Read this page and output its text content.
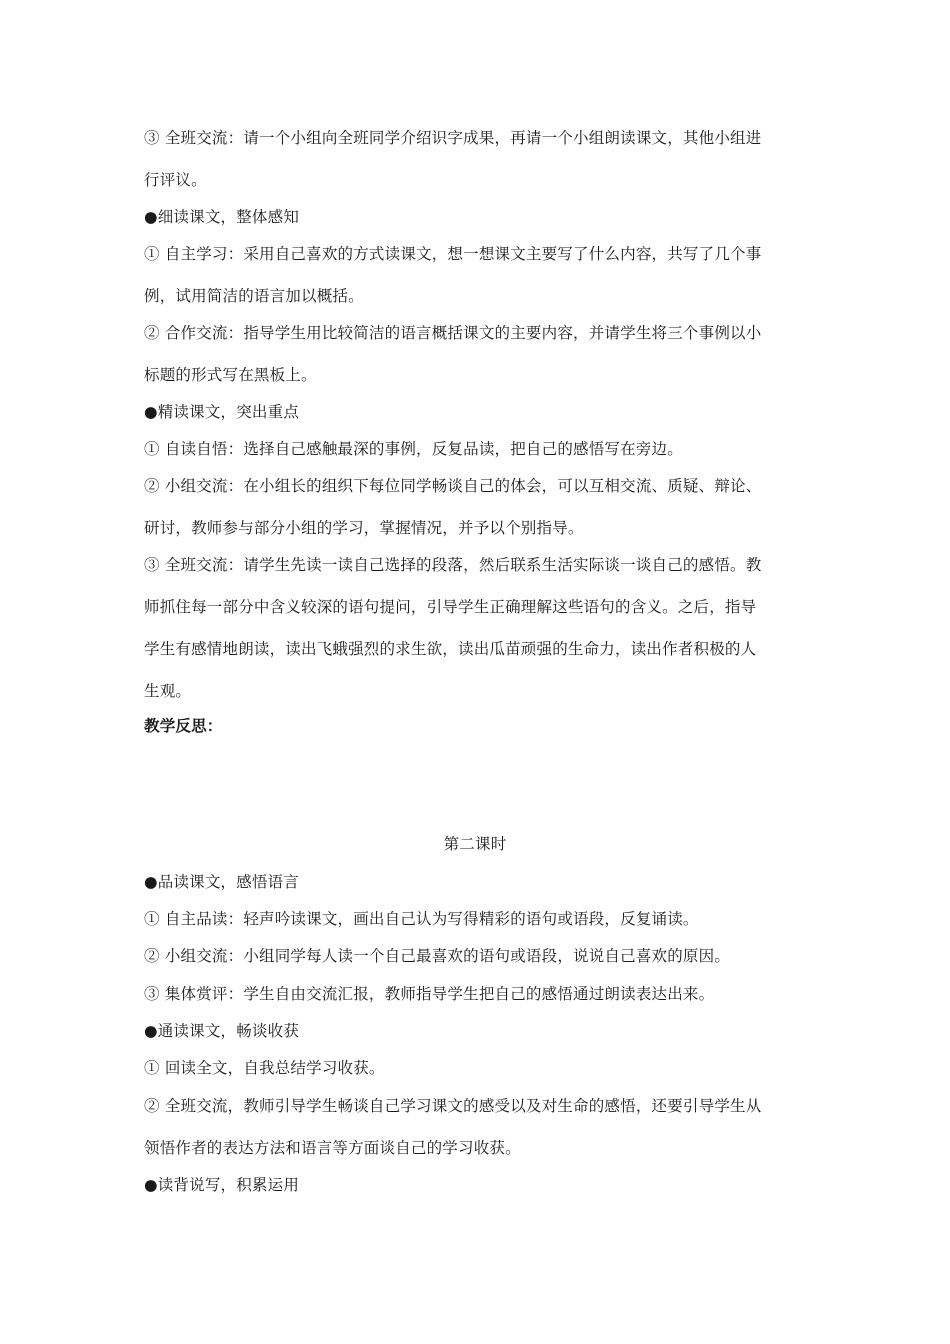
③ 全班交流：请一个小组向全班同学介绍识字成果，再请一个小组朗读课文，其他小组进
行评议。
●细读课文，整体感知
① 自主学习：采用自己喜欢的方式读课文，想一想课文主要写了什么内容，共写了几个事
例，试用简洁的语言加以概括。
② 合作交流：指导学生用比较简洁的语言概括课文的主要内容，并请学生将三个事例以小
标题的形式写在黑板上。
●精读课文，突出重点
① 自读自悟：选择自己感触最深的事例，反复品读，把自己的感悟写在旁边。
② 小组交流：在小组长的组织下每位同学畅谈自己的体会，可以互相交流、质疑、辩论、
研讨，教师参与部分小组的学习，掌握情况，并予以个别指导。
③ 全班交流：请学生先读一读自己选择的段落，然后联系生活实际谈一谈自己的感悟。教
师抓住每一部分中含义较深的语句提问，引导学生正确理解这些语句的含义。之后，指导
学生有感情地朗读，读出飞蛾强烈的求生欲，读出瓜苗顽强的生命力，读出作者积极的人
生观。
教学反思：
第二课时
●品读课文，感悟语言
① 自主品读：轻声吟读课文，画出自己认为写得精彩的语句或语段，反复诵读。
② 小组交流：小组同学每人读一个自己最喜欢的语句或语段，说说自己喜欢的原因。
③ 集体赏评：学生自由交流汇报，教师指导学生把自己的感悟通过朗读表达出来。
●通读课文，畅谈收获
① 回读全文，自我总结学习收获。
② 全班交流，教师引导学生畅谈自己学习课文的感受以及对生命的感悟，还要引导学生从
领悟作者的表达方法和语言等方面谈自己的学习收获。
●读背说写，积累运用
